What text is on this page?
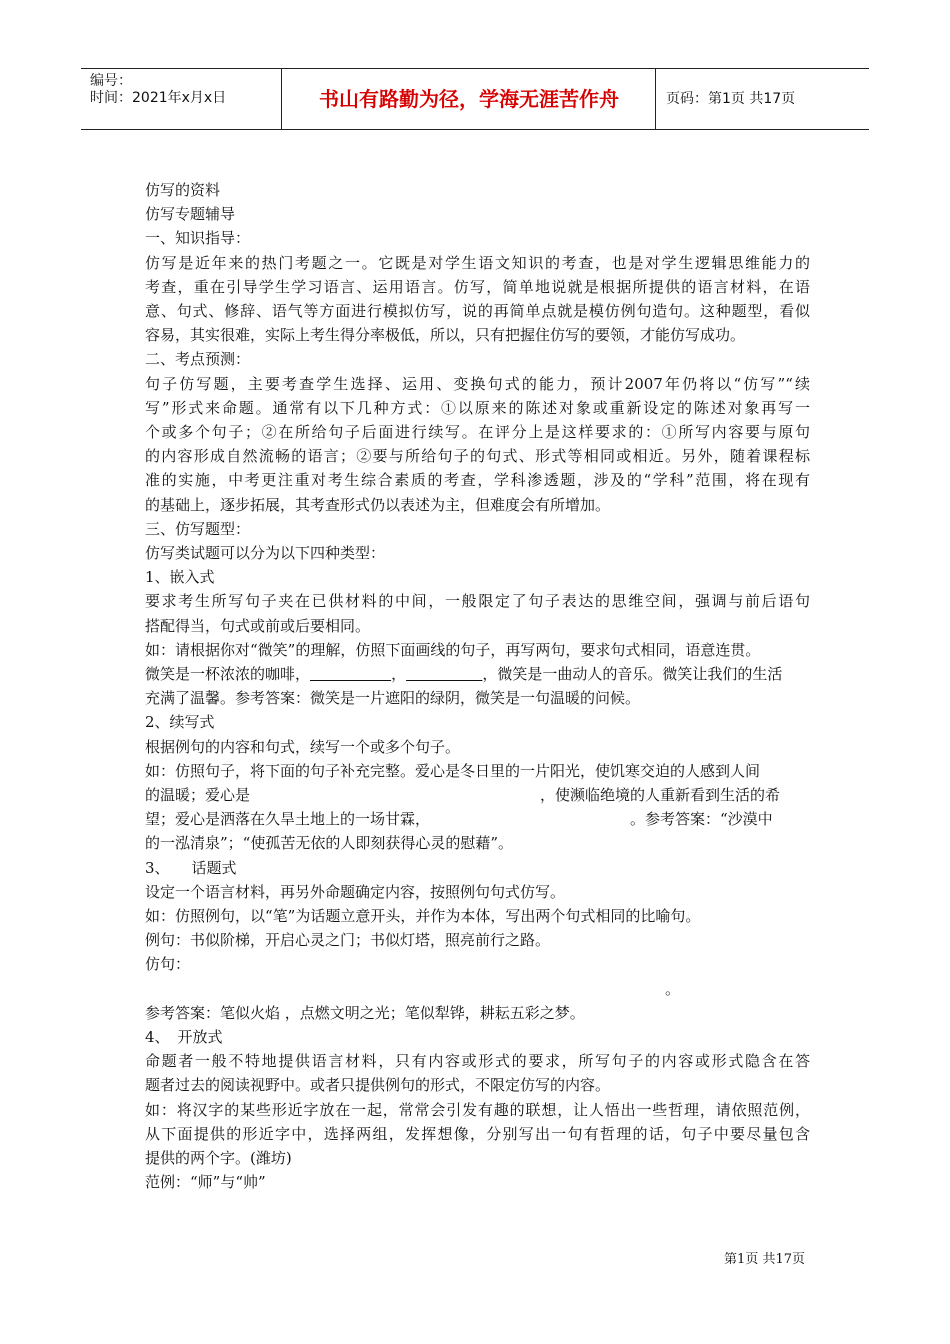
编号：
时间：2021年x月x日	书山有路勤为径，学海无涯苦作舟	页码：第1页 共17页
仿写的资料
仿写专题辅导
一、知识指导：
仿写是近年来的热门考题之一。它既是对学生语文知识的考查，也是对学生逻辑思维能力的
考查，重在引导学生学习语言、运用语言。仿写，简单地说就是根据所提供的语言材料，在语
意、句式、修辞、语气等方面进行模拟仿写，说的再简单点就是模仿例句造句。这种题型，看似
容易，其实很难，实际上考生得分率极低，所以，只有把握住仿写的要领，才能仿写成功。
二、考点预测：
句子仿写题，主要考查学生选择、运用、变换句式的能力，预计2007年仍将以“仿写”“续
写”形式来命题。通常有以下几种方式：①以原来的陈述对象或重新设定的陈述对象再写一
个或多个句子；②在所给句子后面进行续写。在评分上是这样要求的：①所写内容要与原句
的内容形成自然流畅的语言；②要与所给句子的句式、形式等相同或相近。另外，随着课程标
准的实施，中考更注重对考生综合素质的考查，学科渗透题，涉及的“学科”范围，将在现有
的基础上，逐步拓展，其考查形式仍以表述为主，但难度会有所增加。
三、仿写题型：
仿写类试题可以分为以下四种类型：
1、嵌入式
要求考生所写句子夹在已供材料的中间，一般限定了句子表达的思维空间，强调与前后语句
搭配得当，句式或前或后要相同。
如：请根据你对“微笑”的理解，仿照下面画线的句子，再写两句，要求句式相同，语意连贯。
微笑是一杯浓浓的咖啡，	，	，微笑是一曲动人的音乐。微笑让我们的生活
充满了温馨。参考答案：微笑是一片遮阳的绿阴，微笑是一句温暖的问候。
2、续写式
根据例句的内容和句式，续写一个或多个句子。
如：仿照句子，将下面的句子补充完整。爱心是冬日里的一片阳光，使饥寒交迫的人感到人间
的温暖；爱心是	，使濒临绝境的人重新看到生活的希
望；爱心是洒落在久旱土地上的一场甘霖，	。参考答案：“沙漠中
的一泓清泉”；“使孤苦无依的人即刻获得心灵的慰藉”。
3、 话题式
设定一个语言材料，再另外命题确定内容，按照例句句式仿写。
如：仿照例句，以“笔”为话题立意开头，并作为本体，写出两个句式相同的比喻句。
例句：书似阶梯，开启心灵之门；书似灯塔，照亮前行之路。
仿句：
。
参考答案：笔似火焰 ，点燃文明之光；笔似犁铧，耕耘五彩之梦。
4、 开放式
命题者一般不特地提供语言材料，只有内容或形式的要求，所写句子的内容或形式隐含在答
题者过去的阅读视野中。或者只提供例句的形式，不限定仿写的内容。
如：将汉字的某些形近字放在一起，常常会引发有趣的联想，让人悟出一些哲理，请依照范例，
从下面提供的形近字中，选择两组，发挥想像，分别写出一句有哲理的话，句子中要尽量包含
提供的两个字。(潍坊)
范例：“师”与“帅”
第1页 共17页
